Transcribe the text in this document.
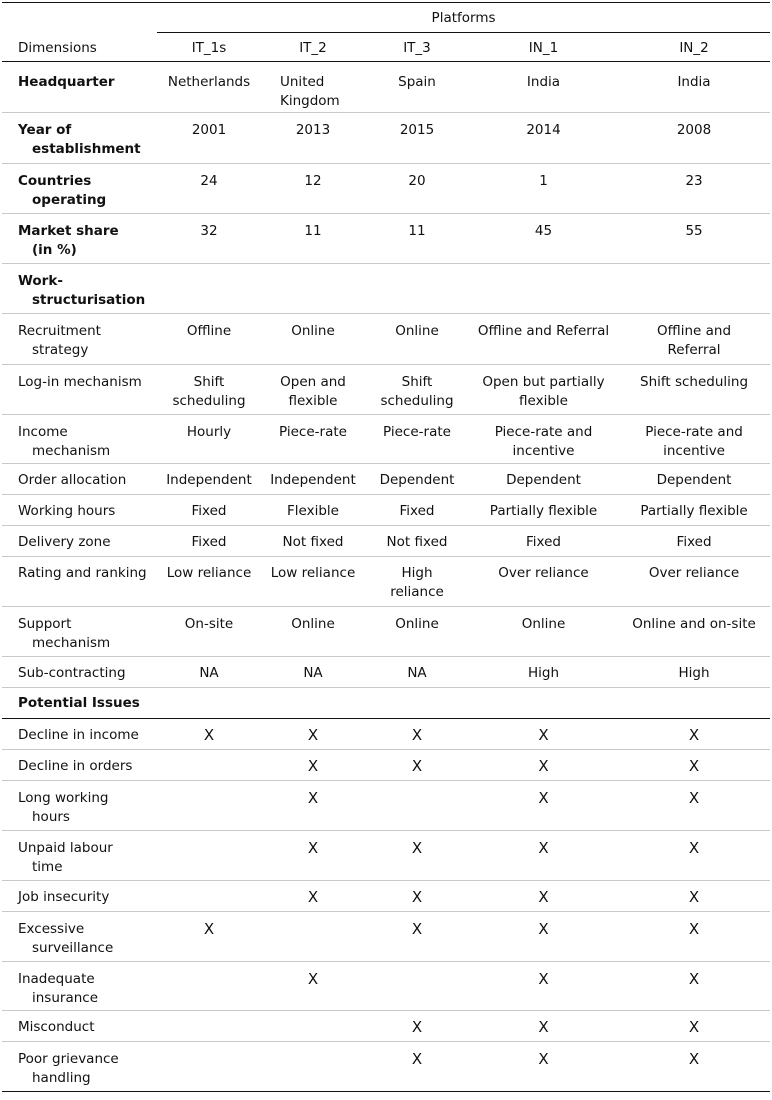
	Platforms				
Dimensions	IT_1s	IT_2	IT_3	IN_1	IN_2
Headquarter	Netherlands	United Kingdom	Spain	India	India
Year of
establishment	2001	2013	2015	2014	2008
Countries
operating	24	12	20	1	23
Market share
(in %)	32	11	11	45	55
Work-
structurisation					

Recruitment
strategy	Offline	Online	Online	Offline and Referral	Offline and Referral
Log-in mechanism	Shift scheduling	Open and flexible	Shift scheduling	Open but partially flexible	Shift scheduling
Income
mechanism	Hourly	Piece-rate	Piece-rate	Piece-rate and incentive	Piece-rate and incentive
Order allocation	Independent	Independent	Dependent	Dependent	Dependent
Working hours	Fixed	Flexible	Fixed	Partially flexible	Partially flexible
Delivery zone	Fixed	Not fixed	Not fixed	Fixed	Fixed
Rating and ranking	Low reliance	Low reliance	High reliance	Over reliance	Over reliance
Support
mechanism	On-site	Online	Online	Online	Online and on-site
Sub-contracting	NA	NA	NA	High	High
Potential Issues					
Decline in income	X	X	X	X	X
Decline in orders		X	X	X	X
Long working
hours		X		X	X
Unpaid labour
time		X	X	X	X
Job insecurity		X	X	X	X
Excessive
surveillance	X		X	X	X
Inadequate
insurance		X		X	X
Misconduct			X	X	X
Poor grievance
handling			X	X	X
